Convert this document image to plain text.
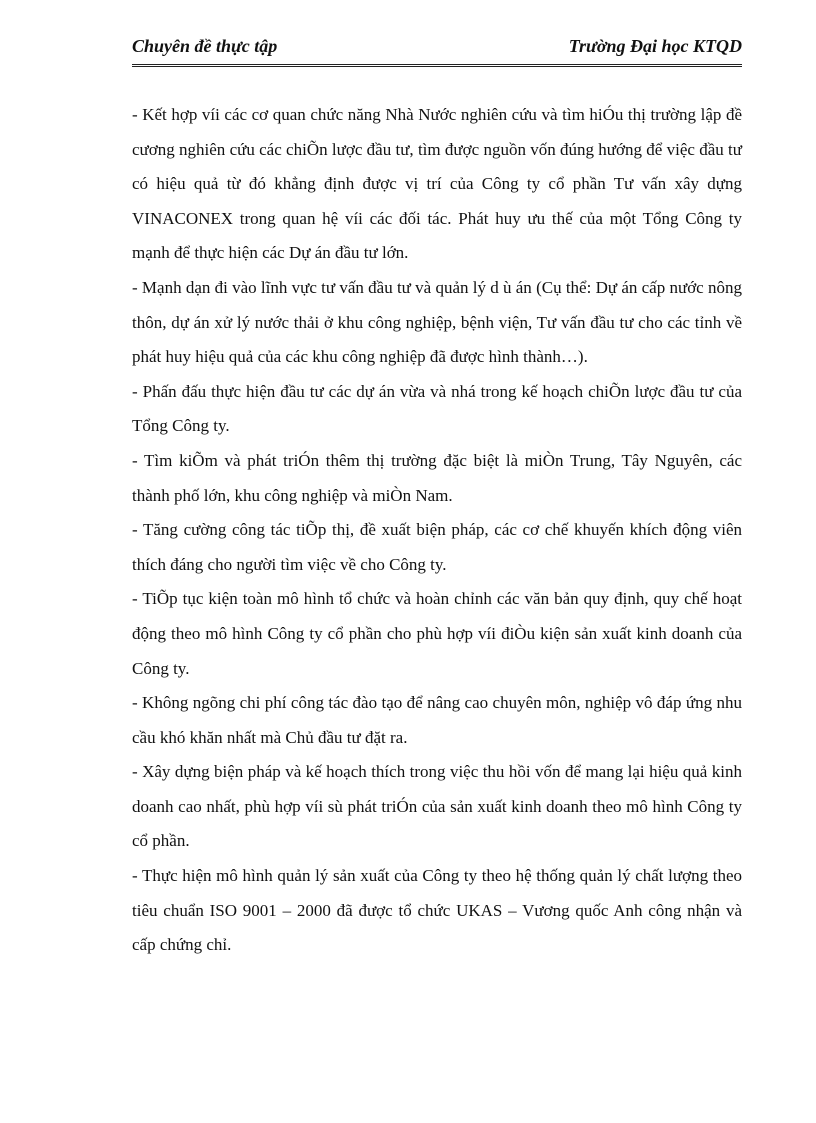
Chuyên đề thực tập	Trường Đại học KTQD

- Kết hợp víi các cơ quan chức năng Nhà Nước nghiên cứu và tìm hiÓu thị trường lập đề cương nghiên cứu các chiÕn lược đầu tư, tìm được nguồn vốn đúng hướng để việc đầu tư có hiệu quả từ đó khẳng định được vị trí của Công ty cổ phần Tư vấn xây dựng VINACONEX trong quan hệ víi các đối tác. Phát huy ưu thế của một Tổng Công ty mạnh để thực hiện các Dự án đầu tư lớn.

- Mạnh dạn đi vào lĩnh vực tư vấn đầu tư và quản lý d ù án (Cụ thể: Dự án cấp nước nông thôn, dự án xử lý nước thải ở khu công nghiệp, bệnh viện, Tư vấn đầu tư cho các tỉnh về phát huy hiệu quả của các khu công nghiệp đã được hình thành…).

- Phấn đấu thực hiện đầu tư các dự án vừa và nhá trong kế hoạch chiÕn lược đầu tư của Tổng Công ty.

- Tìm kiÕm và phát triÓn thêm thị trường đặc biệt là miÒn Trung, Tây Nguyên, các thành phố lớn, khu công nghiệp và miÒn Nam.

- Tăng cường công tác tiÕp thị, đề xuất biện pháp, các cơ chế khuyến khích động viên thích đáng cho người tìm việc về cho Công ty.

- TiÕp tục kiện toàn mô hình tổ chức và hoàn chỉnh các văn bản quy định, quy chế hoạt động theo mô hình Công ty cổ phần cho phù hợp víi điÒu kiện sản xuất kinh doanh của Công ty.

- Không ngõng chi phí công tác đào tạo để nâng cao chuyên môn, nghiệp vô đáp ứng nhu cầu khó khăn nhất mà Chủ đầu tư đặt ra.

- Xây dựng biện pháp và kế hoạch thích trong việc thu hồi vốn để mang lại hiệu quả kinh doanh cao nhất, phù hợp víi sù phát triÓn của sản xuất kinh doanh theo mô hình Công ty cổ phần.

- Thực hiện mô hình quản lý sản xuất của Công ty theo hệ thống quản lý chất lượng theo tiêu chuẩn ISO 9001 – 2000 đã được tổ chức UKAS – Vương quốc Anh công nhận và cấp chứng chỉ.
